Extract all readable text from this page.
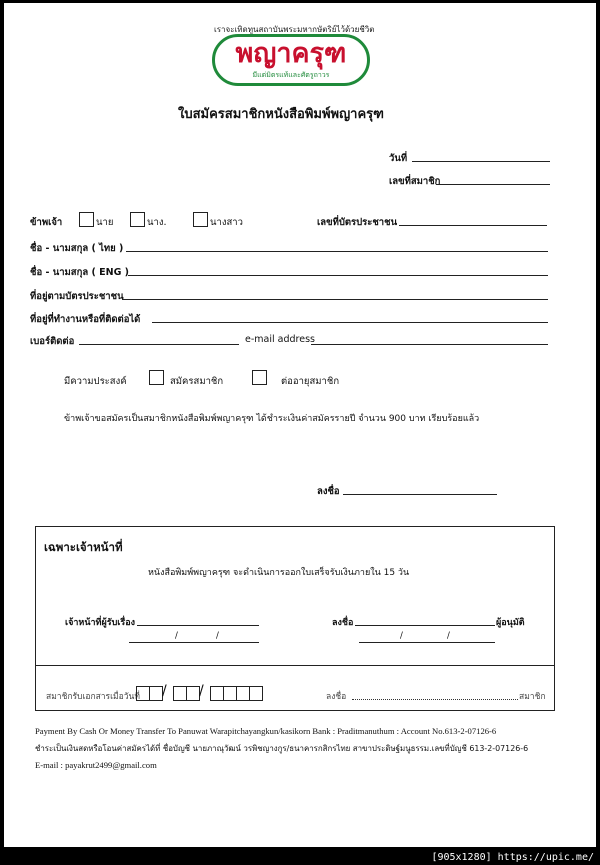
เราจะเทิดทูนสถาบันพระมหากษัตริย์ไว้ด้วยชีวิต
พญาครุฑ
มีแต่มิตรแท้และศัตรูถาวร
ใบสมัครสมาชิกหนังสือพิมพ์พญาครุฑ
วันที่
เลขที่สมาชิก
ข้าพเจ้า	นาย	นาง.	นางสาว	เลขที่บัตรประชาชน
ชื่อ - นามสกุล ( ไทย )
ชื่อ - นามสกุล ( ENG )
ที่อยู่ตามบัตรประชาชน
ที่อยู่ที่ทำงานหรือที่ติดต่อได้
เบอร์ติดต่อ	e-mail address
มีความประสงค์	สมัครสมาชิก	ต่ออายุสมาชิก
ข้าพเจ้าขอสมัครเป็นสมาชิกหนังสือพิมพ์พญาครุฑ ได้ชำระเงินค่าสมัครรายปี จำนวน 900 บาท เรียบร้อยแล้ว
ลงชื่อ
เฉพาะเจ้าหน้าที่
หนังสือพิมพ์พญาครุฑ จะดำเนินการออกใบเสร็จรับเงินภายใน 15 วัน
เจ้าหน้าที่ผู้รับเรื่อง
/	/
ลงชื่อ	ผู้อนุมัติ
/	/
สมาชิกรับเอกสารเมื่อวันที่ / /	ลงชื่อ	สมาชิก
Payment By Cash Or Money Transfer To Panuwat Warapitchayangkun/kasikorn Bank : Praditmanuthum : Account No.613-2-07126-6
ชำระเป็นเงินสดหรือโอนค่าสมัครได้ที่ ชื่อบัญชี นายภาณุวัฒน์ วรพิชญางกูร/ธนาคารกสิกรไทย สาขาประดิษฐ์มนูธรรม.เลขที่บัญชี 613-2-07126-6
E-mail : payakrut2499@gmail.com
[905x1280] https://upic.me/
